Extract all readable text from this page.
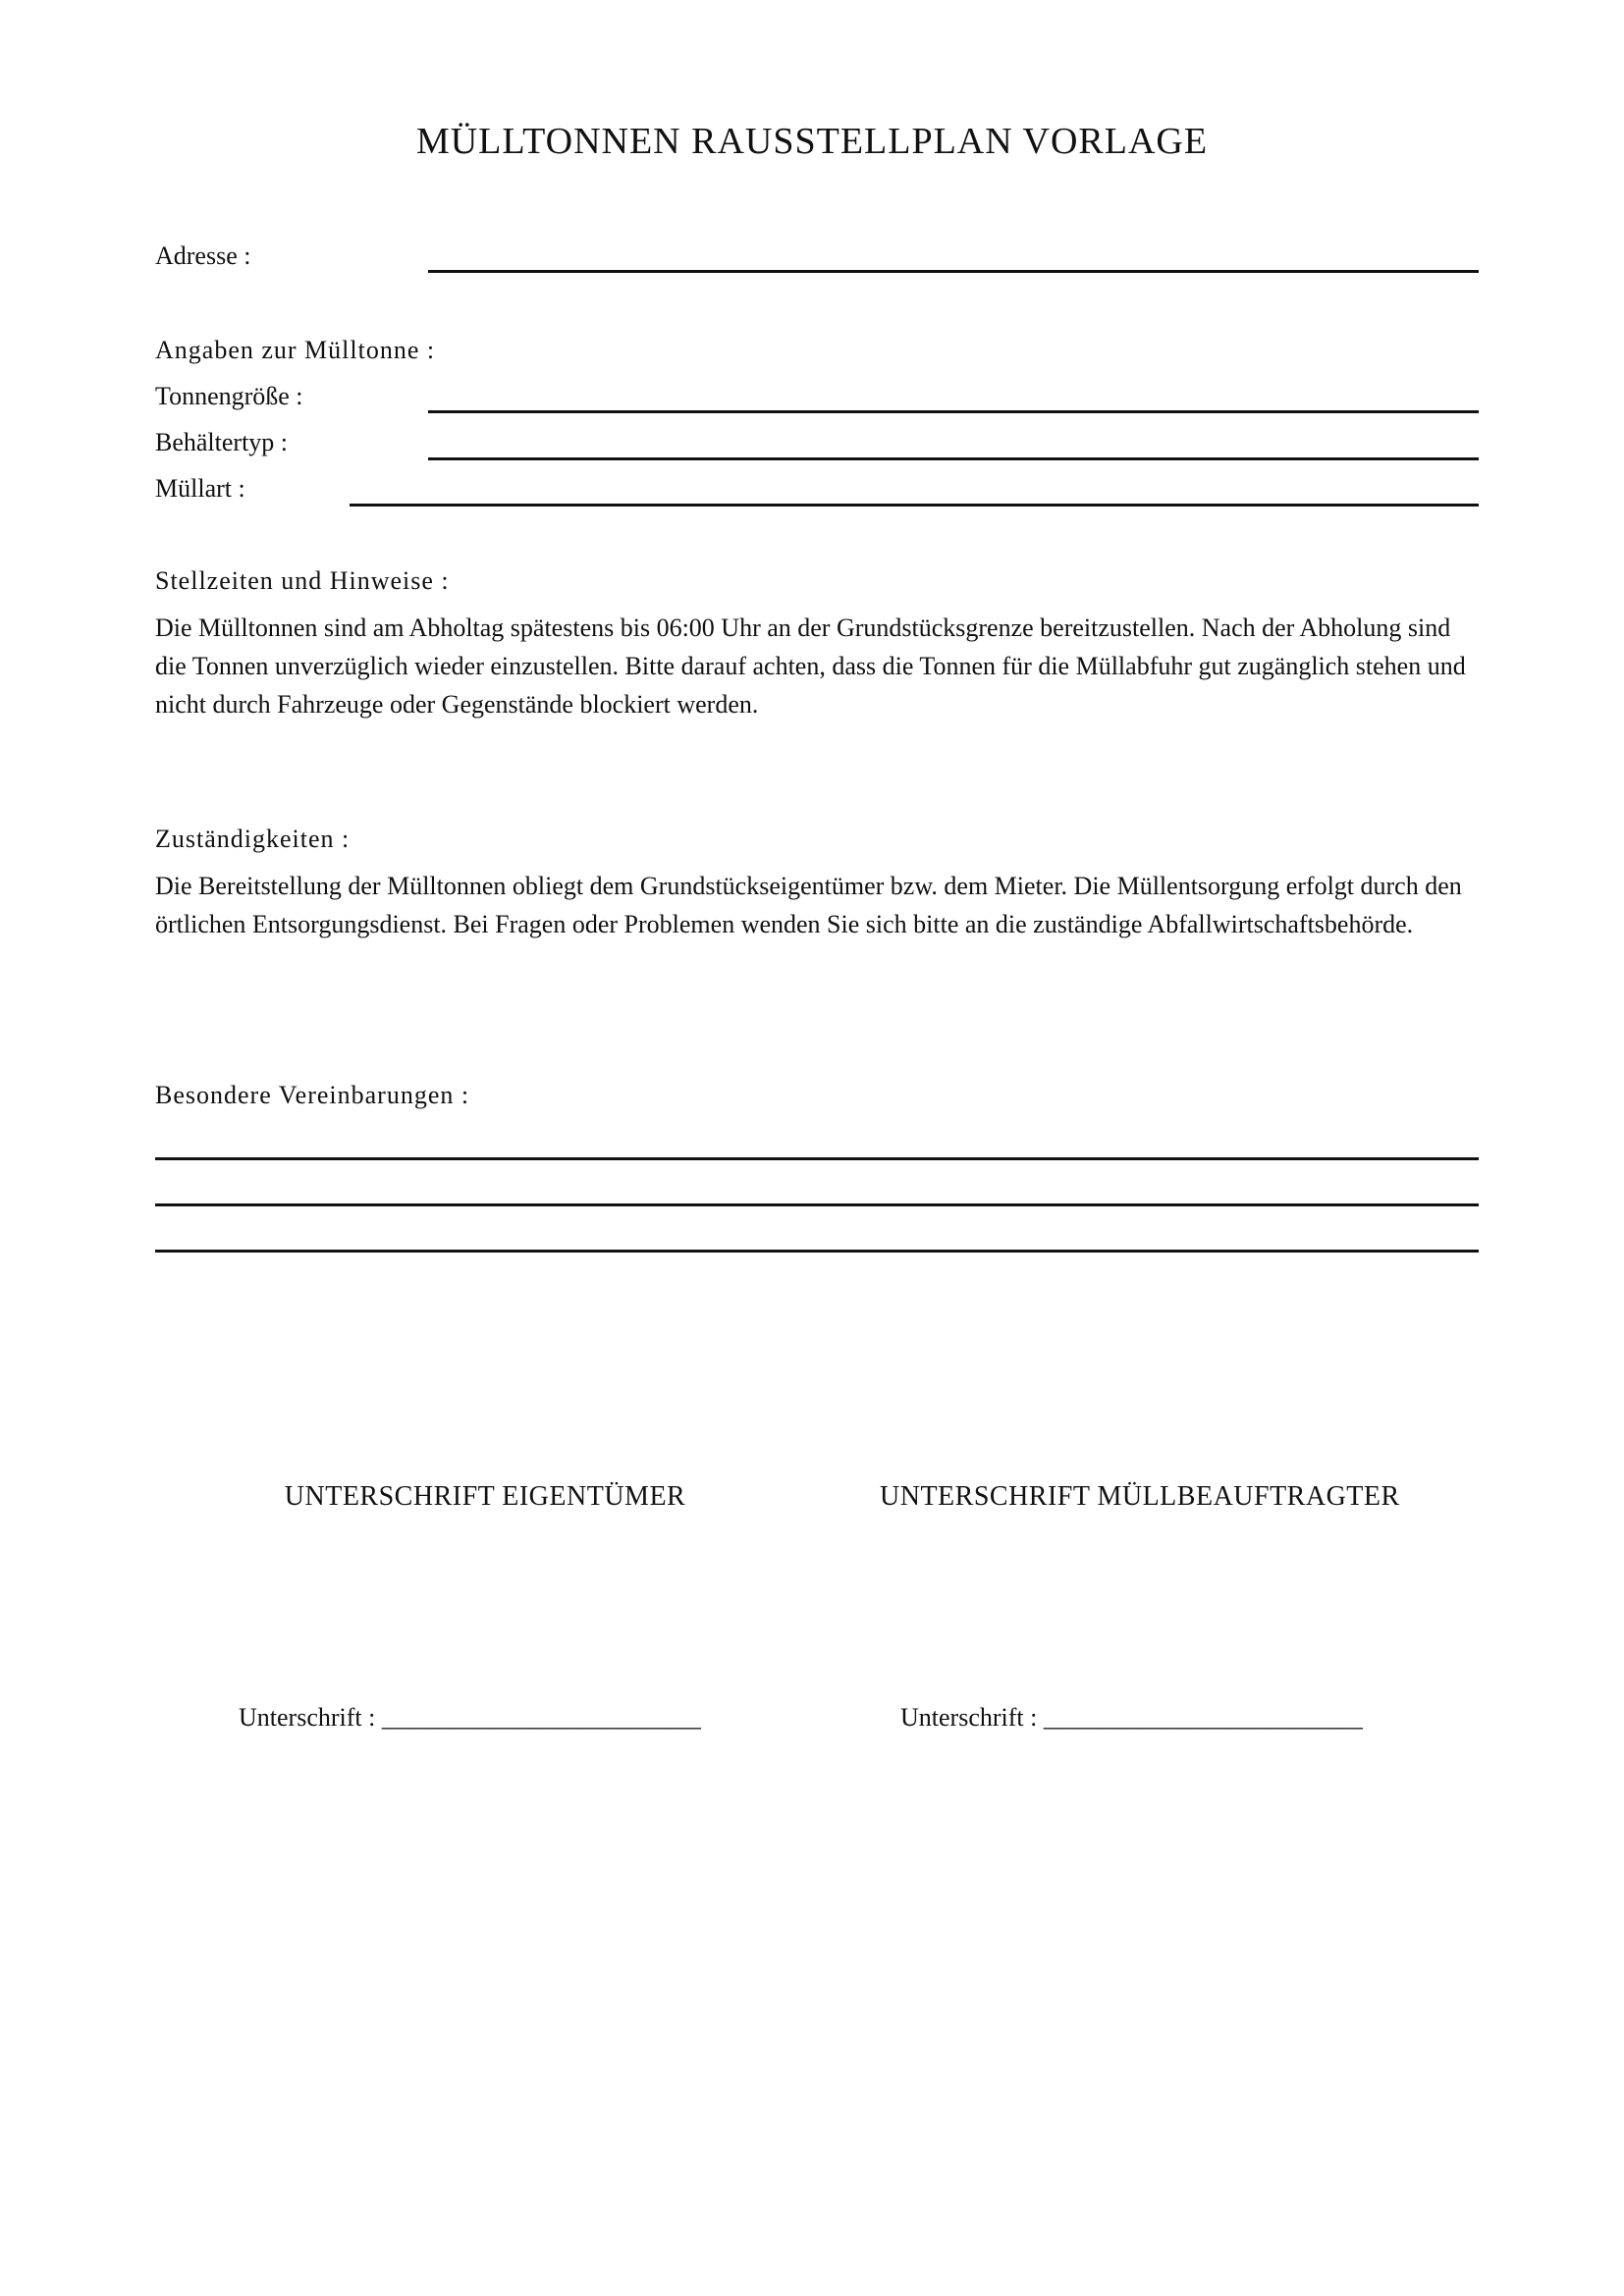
MÜLLTONNEN RAUSSTELLPLAN VORLAGE
Adresse :
Angaben zur Mülltonne :
Tonnengröße :
Behältertyp :
Müllart :
Stellzeiten und Hinweise :
Die Mülltonnen sind am Abholtag spätestens bis 06:00 Uhr an der Grundstücksgrenze bereitzustellen. Nach der Abholung sind die Tonnen unverzüglich wieder einzustellen. Bitte darauf achten, dass die Tonnen für die Müllabfuhr gut zugänglich stehen und nicht durch Fahrzeuge oder Gegenstände blockiert werden.
Zuständigkeiten :
Die Bereitstellung der Mülltonnen obliegt dem Grundstückseigentümer bzw. dem Mieter. Die Müllentsorgung erfolgt durch den örtlichen Entsorgungsdienst. Bei Fragen oder Problemen wenden Sie sich bitte an die zuständige Abfallwirtschaftsbehörde.
Besondere Vereinbarungen :
UNTERSCHRIFT EIGENTÜMER	UNTERSCHRIFT MÜLLBEAUFTRAGTER
Unterschrift : _________________________	Unterschrift : _________________________
